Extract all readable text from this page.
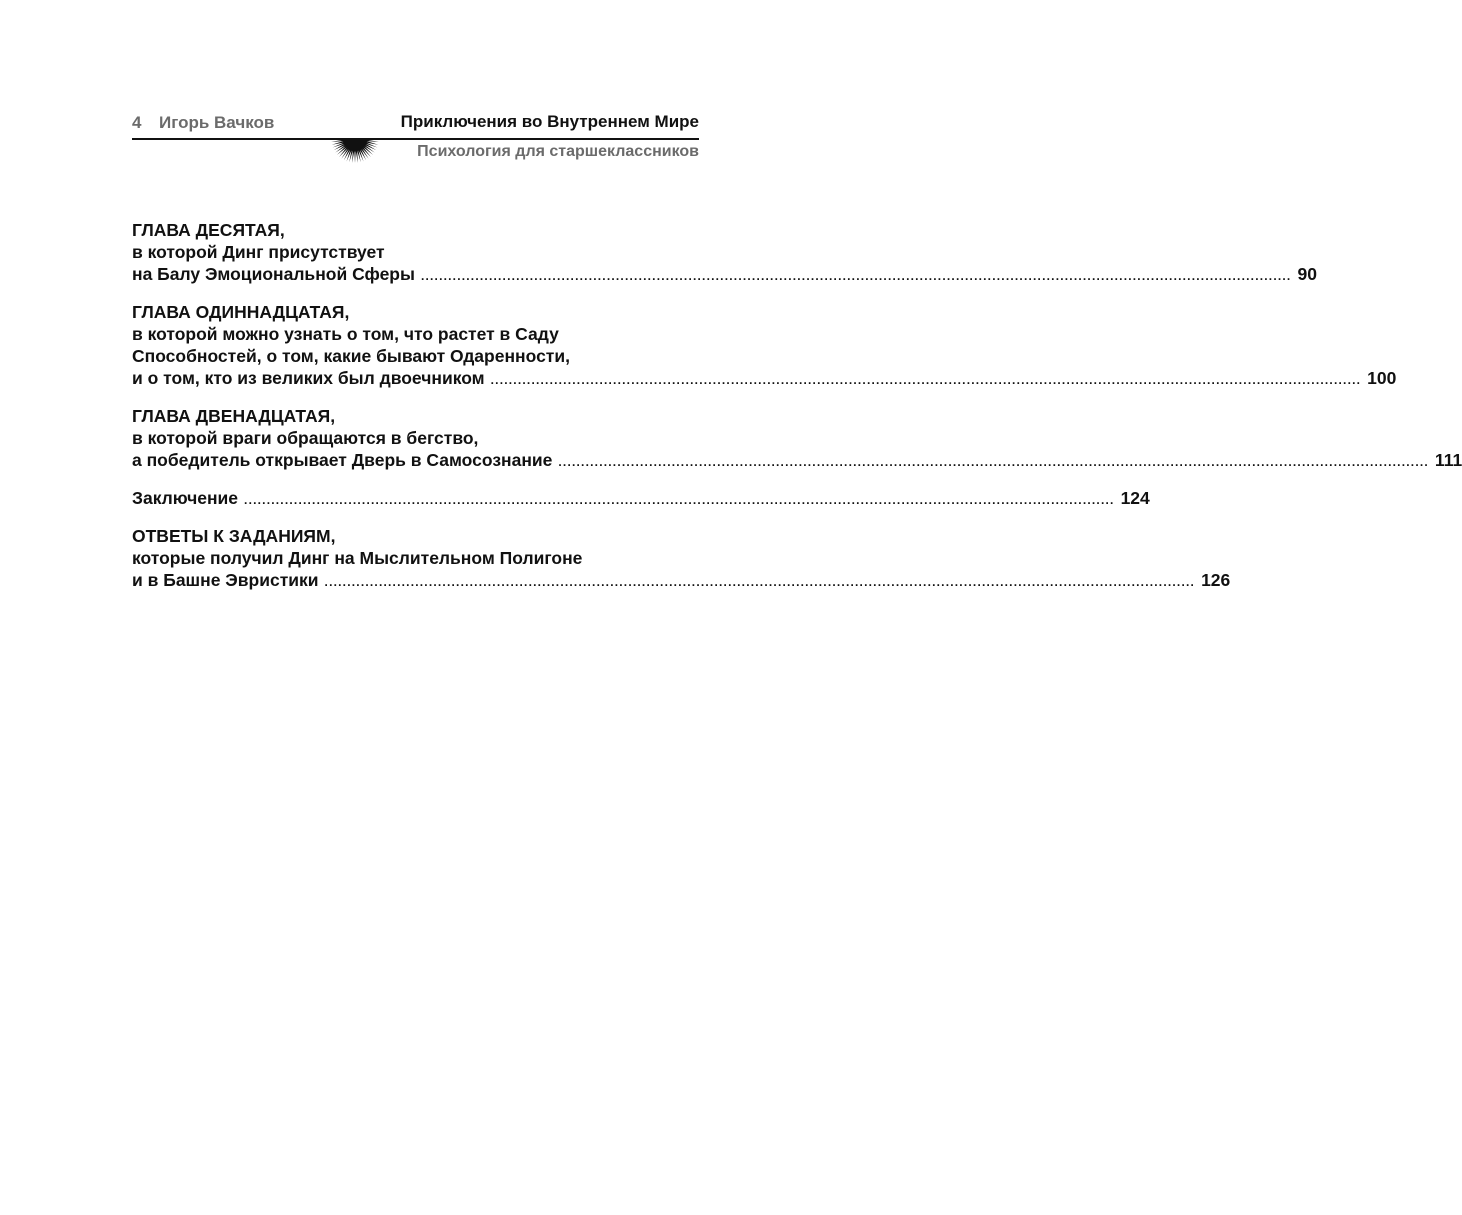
4 Игорь Вачков	Приключения во Внутреннем Мире
Психология для старшеклассников
ГЛАВА ДЕСЯТАЯ,
в которой Динг присутствует
на Балу Эмоциональной Сферы ................................................................................................................................................................................................ 90
ГЛАВА ОДИННАДЦАТАЯ,
в которой можно узнать о том, что растет в Саду
Способностей, о том, какие бывают Одаренности,
и о том, кто из великих был двоечником ................................................................................................................................................................................................ 100
ГЛАВА ДВЕНАДЦАТАЯ,
в которой враги обращаются в бегство,
а победитель открывает Дверь в Самосознание ................................................................................................................................................................................................ 111
Заключение ................................................................................................................................................................................................ 124
ОТВЕТЫ К ЗАДАНИЯМ,
которые получил Динг на Мыслительном Полигоне
и в Башне Эвристики ................................................................................................................................................................................................ 126
